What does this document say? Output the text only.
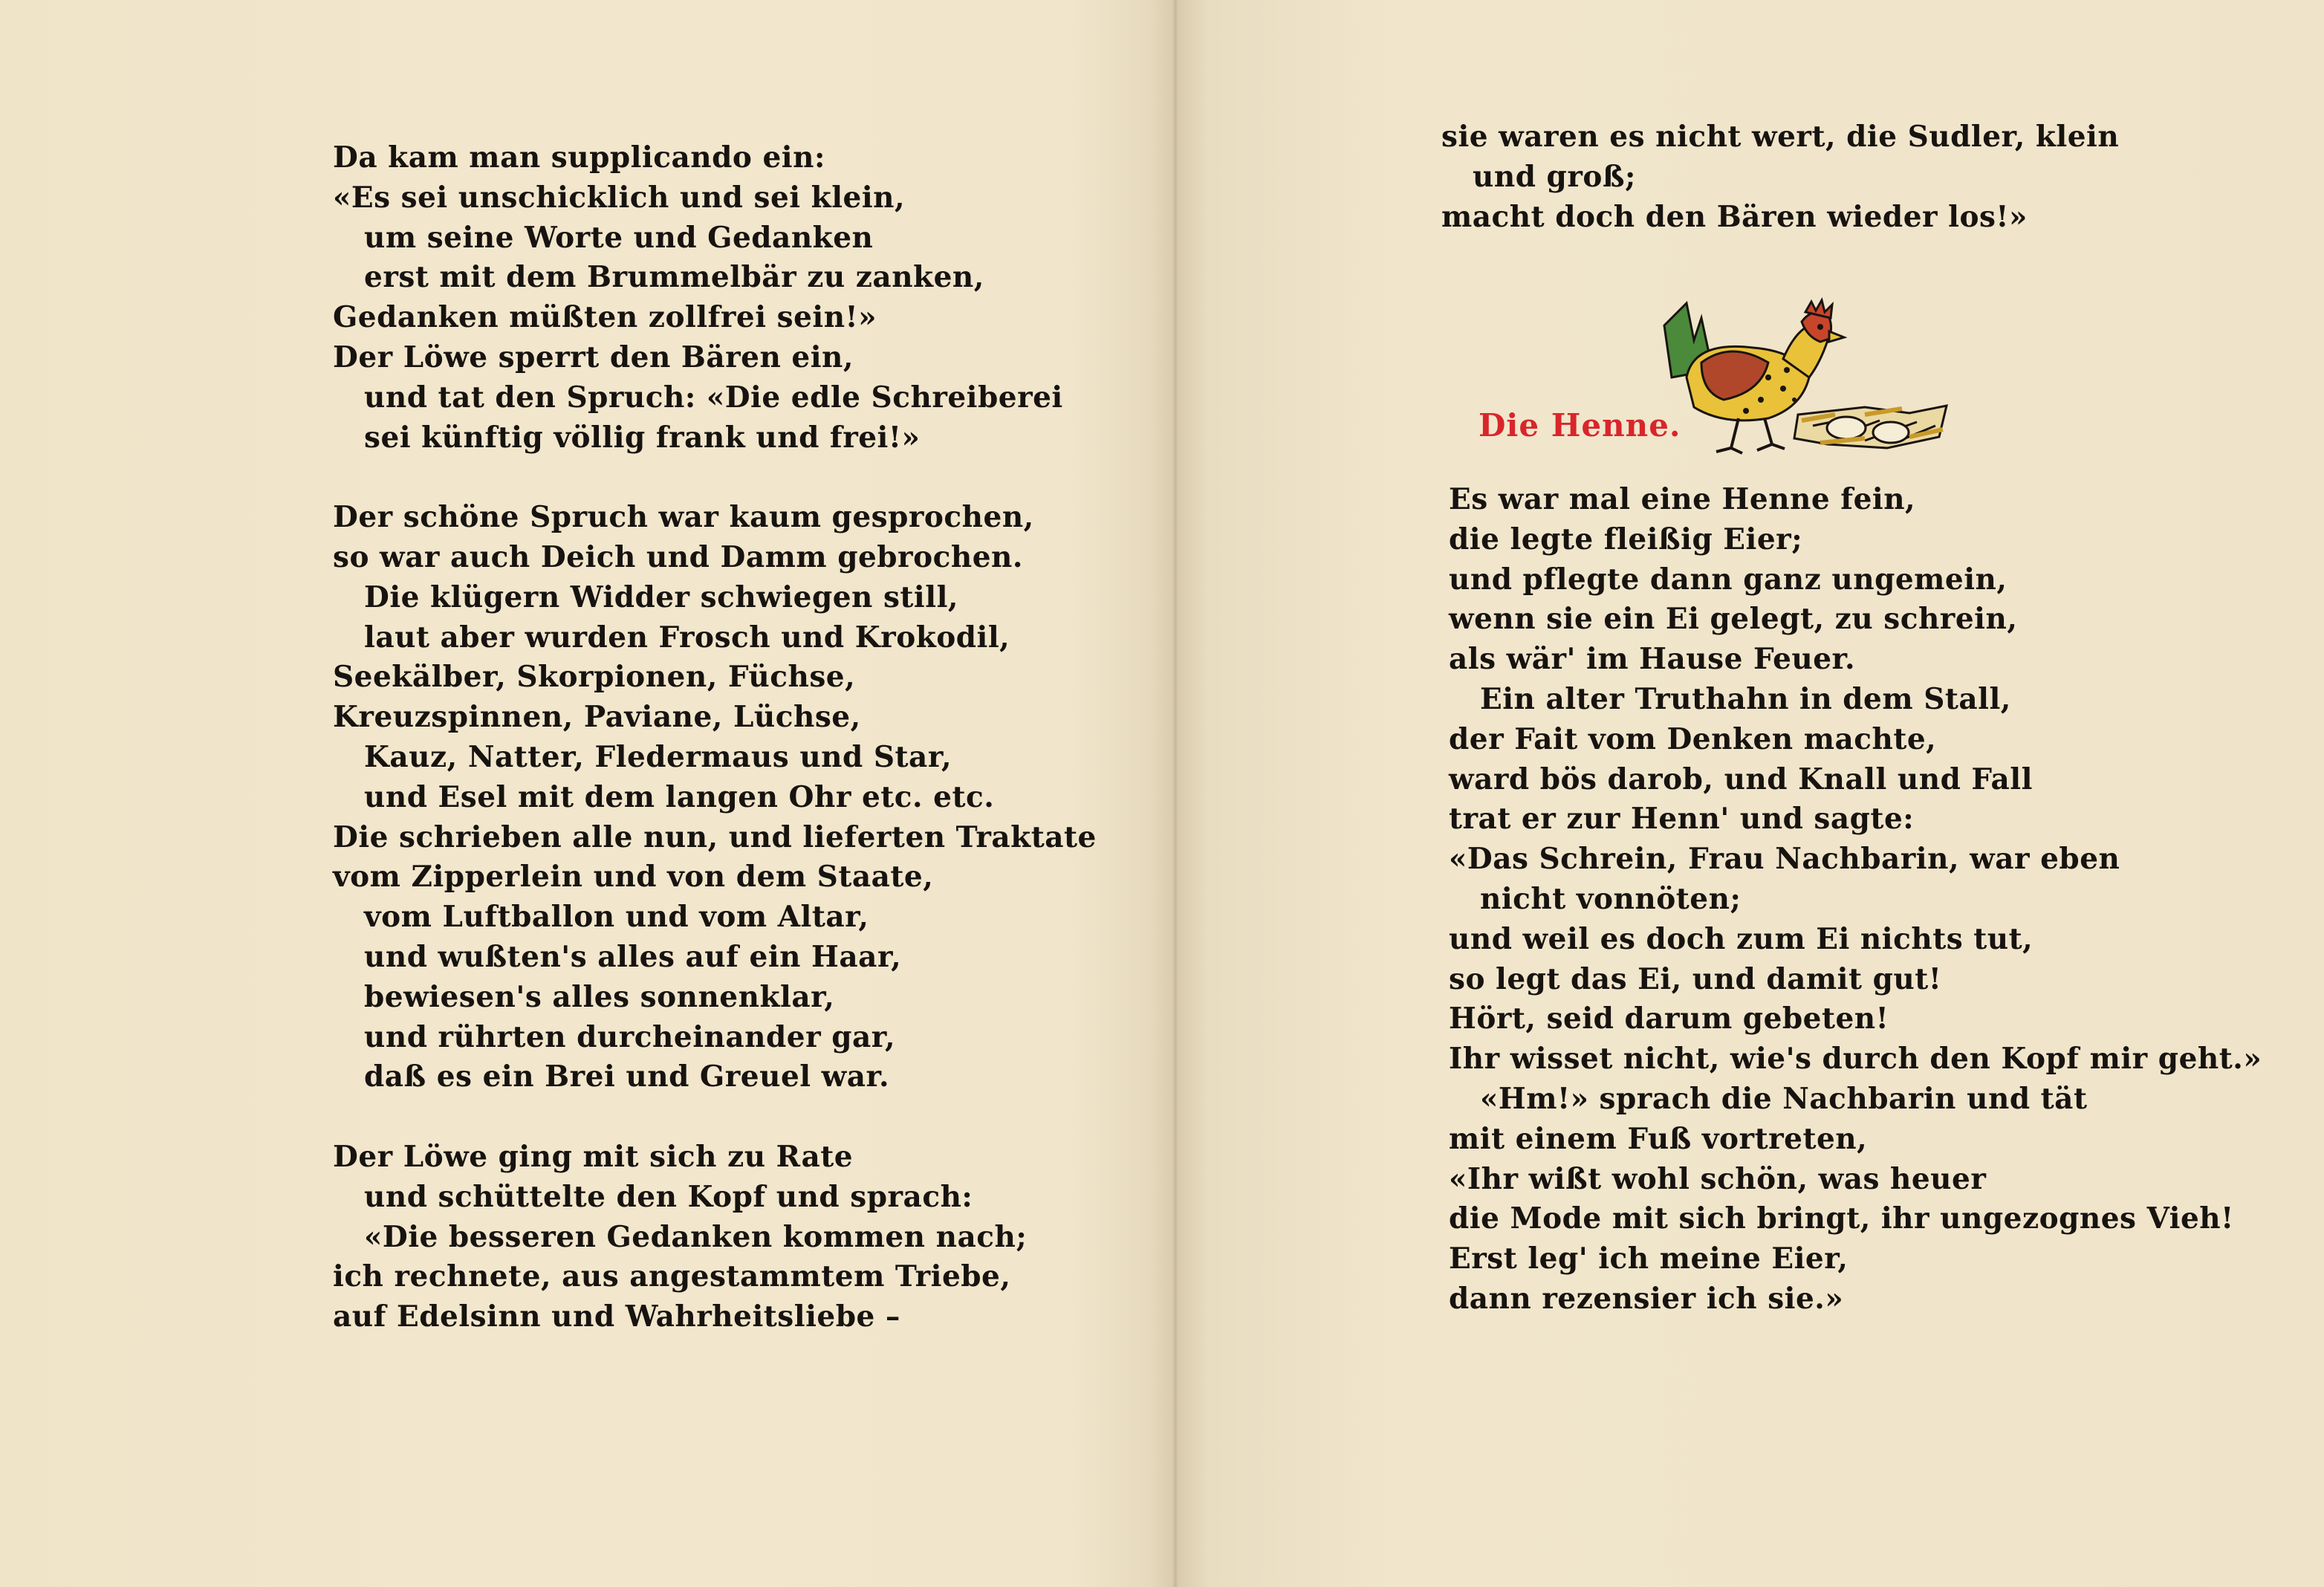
Da kam man supplicando ein:
«Es sei unschicklich und sei klein,
um seine Worte und Gedanken
erst mit dem Brummelbär zu zanken,
Gedanken müßten zollfrei sein!»
Der Löwe sperrt den Bären ein,
und tat den Spruch: «Die edle Schreiberei
sei künftig völlig frank und frei!»
Der schöne Spruch war kaum gesprochen,
so war auch Deich und Damm gebrochen.
Die klügern Widder schwiegen still,
laut aber wurden Frosch und Krokodil,
Seekälber, Skorpionen, Füchse,
Kreuzspinnen, Paviane, Lüchse,
Kauz, Natter, Fledermaus und Star,
und Esel mit dem langen Ohr etc. etc.
Die schrieben alle nun, und lieferten Traktate
vom Zipperlein und von dem Staate,
vom Luftballon und vom Altar,
und wußten's alles auf ein Haar,
bewiesen's alles sonnenklar,
und rührten durcheinander gar,
daß es ein Brei und Greuel war.
Der Löwe ging mit sich zu Rate
und schüttelte den Kopf und sprach:
«Die besseren Gedanken kommen nach;
ich rechnete, aus angestammtem Triebe,
auf Edelsinn und Wahrheitsliebe –
sie waren es nicht wert, die Sudler, klein
und groß;
macht doch den Bären wieder los!»
Die Henne.
Es war mal eine Henne fein,
die legte fleißig Eier;
und pflegte dann ganz ungemein,
wenn sie ein Ei gelegt, zu schrein,
als wär' im Hause Feuer.
Ein alter Truthahn in dem Stall,
der Fait vom Denken machte,
ward bös darob, und Knall und Fall
trat er zur Henn' und sagte:
«Das Schrein, Frau Nachbarin, war eben
nicht vonnöten;
und weil es doch zum Ei nichts tut,
so legt das Ei, und damit gut!
Hört, seid darum gebeten!
Ihr wisset nicht, wie's durch den Kopf mir geht.»
«Hm!» sprach die Nachbarin und tät
mit einem Fuß vortreten,
«Ihr wißt wohl schön, was heuer
die Mode mit sich bringt, ihr ungezognes Vieh!
Erst leg' ich meine Eier,
dann rezensier ich sie.»
